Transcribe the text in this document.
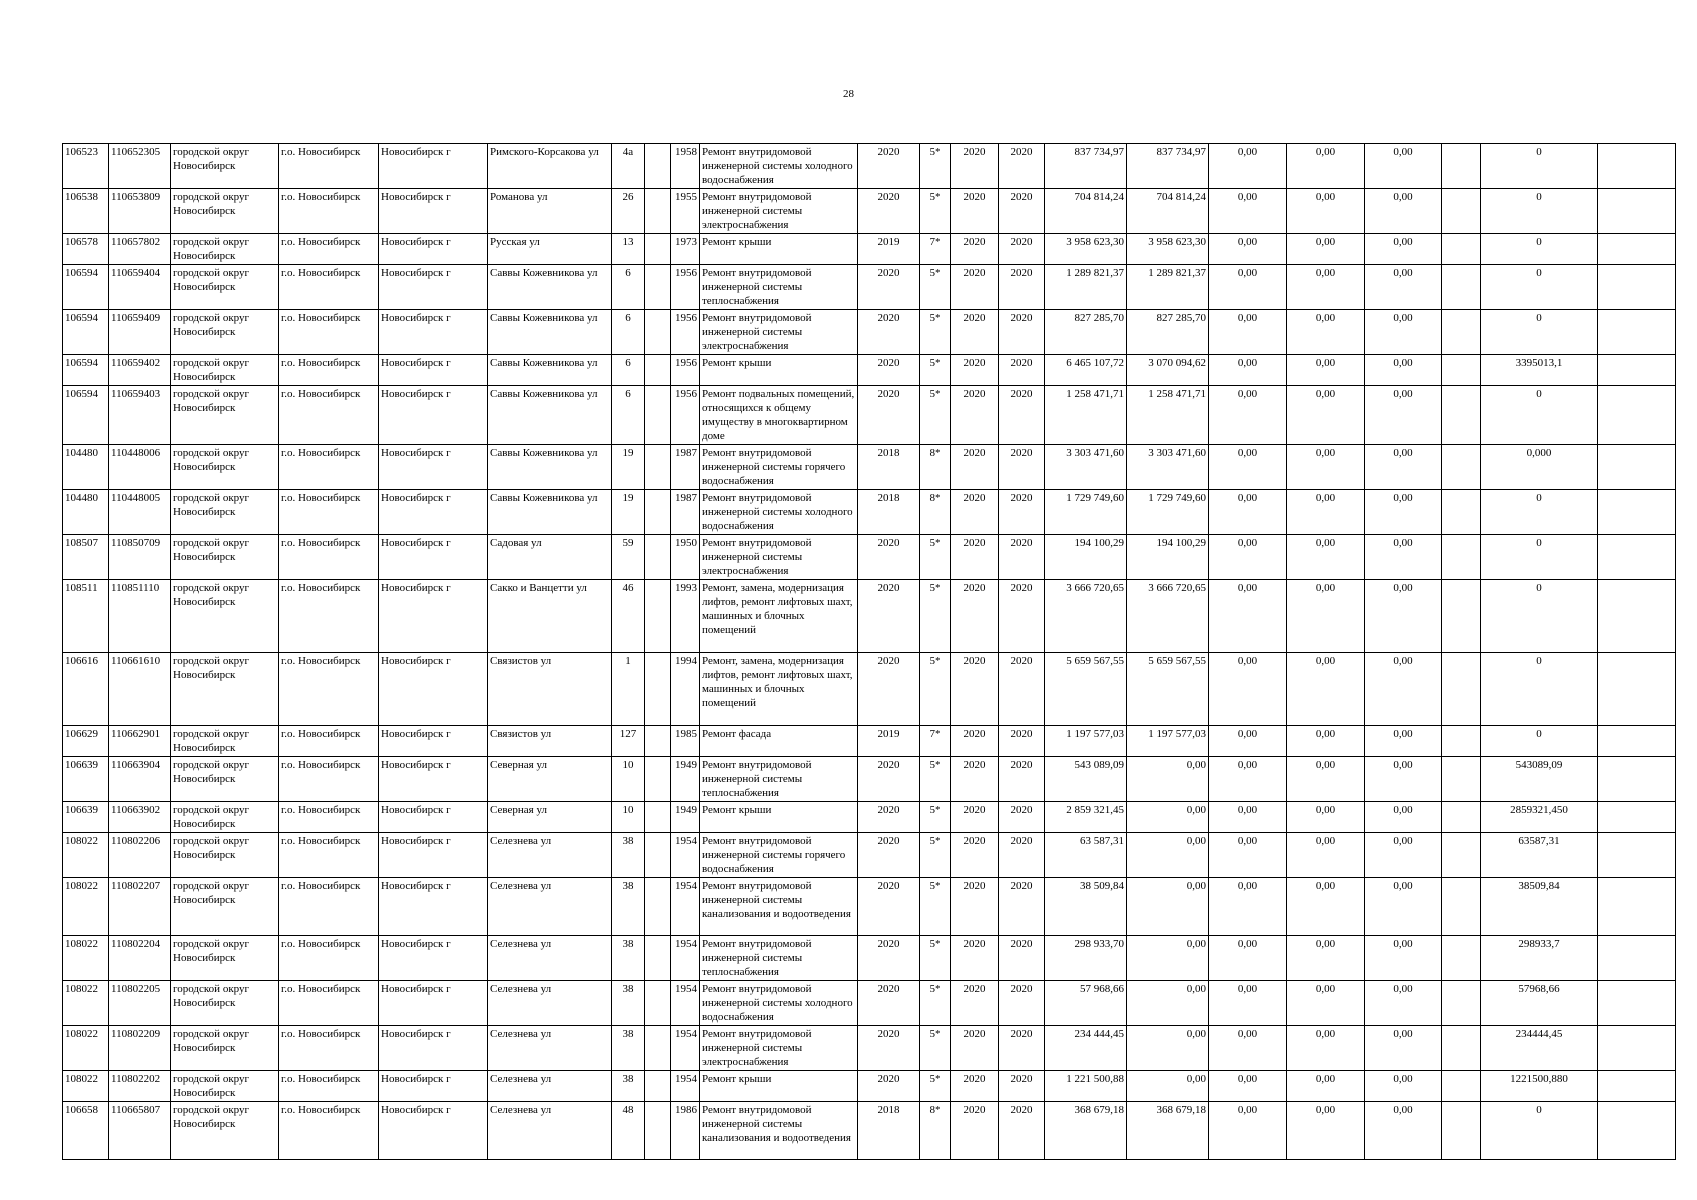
28
106523	110652305	городской округ Новосибирск	г.о. Новосибирск	Новосибирск г	Римского-Корсакова ул	4а		1958	Ремонт внутридомовой инженерной системы холодного водоснабжения	2020	5*	2020	2020	837 734,97	837 734,97	0,00	0,00	0,00		0	
106538	110653809	городской округ Новосибирск	г.о. Новосибирск	Новосибирск г	Романова ул	26		1955	Ремонт внутридомовой инженерной системы электроснабжения	2020	5*	2020	2020	704 814,24	704 814,24	0,00	0,00	0,00		0	
106578	110657802	городской округ Новосибирск	г.о. Новосибирск	Новосибирск г	Русская ул	13		1973	Ремонт крыши	2019	7*	2020	2020	3 958 623,30	3 958 623,30	0,00	0,00	0,00		0	
106594	110659404	городской округ Новосибирск	г.о. Новосибирск	Новосибирск г	Саввы Кожевникова ул	6		1956	Ремонт внутридомовой инженерной системы теплоснабжения	2020	5*	2020	2020	1 289 821,37	1 289 821,37	0,00	0,00	0,00		0	
106594	110659409	городской округ Новосибирск	г.о. Новосибирск	Новосибирск г	Саввы Кожевникова ул	6		1956	Ремонт внутридомовой инженерной системы электроснабжения	2020	5*	2020	2020	827 285,70	827 285,70	0,00	0,00	0,00		0	
106594	110659402	городской округ Новосибирск	г.о. Новосибирск	Новосибирск г	Саввы Кожевникова ул	6		1956	Ремонт крыши	2020	5*	2020	2020	6 465 107,72	3 070 094,62	0,00	0,00	0,00		3395013,1	
106594	110659403	городской округ Новосибирск	г.о. Новосибирск	Новосибирск г	Саввы Кожевникова ул	6		1956	Ремонт подвальных помещений, относящихся к общему имуществу в многоквартирном доме	2020	5*	2020	2020	1 258 471,71	1 258 471,71	0,00	0,00	0,00		0	
104480	110448006	городской округ Новосибирск	г.о. Новосибирск	Новосибирск г	Саввы Кожевникова ул	19		1987	Ремонт внутридомовой инженерной системы горячего водоснабжения	2018	8*	2020	2020	3 303 471,60	3 303 471,60	0,00	0,00	0,00		0,000	
104480	110448005	городской округ Новосибирск	г.о. Новосибирск	Новосибирск г	Саввы Кожевникова ул	19		1987	Ремонт внутридомовой инженерной системы холодного водоснабжения	2018	8*	2020	2020	1 729 749,60	1 729 749,60	0,00	0,00	0,00		0	
108507	110850709	городской округ Новосибирск	г.о. Новосибирск	Новосибирск г	Садовая ул	59		1950	Ремонт внутридомовой инженерной системы электроснабжения	2020	5*	2020	2020	194 100,29	194 100,29	0,00	0,00	0,00		0	
108511	110851110	городской округ Новосибирск	г.о. Новосибирск	Новосибирск г	Сакко и Ванцетти ул	46		1993	Ремонт, замена, модернизация лифтов, ремонт лифтовых шахт, машинных и блочных помещений	2020	5*	2020	2020	3 666 720,65	3 666 720,65	0,00	0,00	0,00		0	
106616	110661610	городской округ Новосибирск	г.о. Новосибирск	Новосибирск г	Связистов ул	1		1994	Ремонт, замена, модернизация лифтов, ремонт лифтовых шахт, машинных и блочных помещений	2020	5*	2020	2020	5 659 567,55	5 659 567,55	0,00	0,00	0,00		0	
106629	110662901	городской округ Новосибирск	г.о. Новосибирск	Новосибирск г	Связистов ул	127		1985	Ремонт фасада	2019	7*	2020	2020	1 197 577,03	1 197 577,03	0,00	0,00	0,00		0	
106639	110663904	городской округ Новосибирск	г.о. Новосибирск	Новосибирск г	Северная ул	10		1949	Ремонт внутридомовой инженерной системы теплоснабжения	2020	5*	2020	2020	543 089,09	0,00	0,00	0,00	0,00		543089,09	
106639	110663902	городской округ Новосибирск	г.о. Новосибирск	Новосибирск г	Северная ул	10		1949	Ремонт крыши	2020	5*	2020	2020	2 859 321,45	0,00	0,00	0,00	0,00		2859321,450	
108022	110802206	городской округ Новосибирск	г.о. Новосибирск	Новосибирск г	Селезнева ул	38		1954	Ремонт внутридомовой инженерной системы горячего водоснабжения	2020	5*	2020	2020	63 587,31	0,00	0,00	0,00	0,00		63587,31	
108022	110802207	городской округ Новосибирск	г.о. Новосибирск	Новосибирск г	Селезнева ул	38		1954	Ремонт внутридомовой инженерной системы канализования и водоотведения	2020	5*	2020	2020	38 509,84	0,00	0,00	0,00	0,00		38509,84	
108022	110802204	городской округ Новосибирск	г.о. Новосибирск	Новосибирск г	Селезнева ул	38		1954	Ремонт внутридомовой инженерной системы теплоснабжения	2020	5*	2020	2020	298 933,70	0,00	0,00	0,00	0,00		298933,7	
108022	110802205	городской округ Новосибирск	г.о. Новосибирск	Новосибирск г	Селезнева ул	38		1954	Ремонт внутридомовой инженерной системы холодного водоснабжения	2020	5*	2020	2020	57 968,66	0,00	0,00	0,00	0,00		57968,66	
108022	110802209	городской округ Новосибирск	г.о. Новосибирск	Новосибирск г	Селезнева ул	38		1954	Ремонт внутридомовой инженерной системы электроснабжения	2020	5*	2020	2020	234 444,45	0,00	0,00	0,00	0,00		234444,45	
108022	110802202	городской округ Новосибирск	г.о. Новосибирск	Новосибирск г	Селезнева ул	38		1954	Ремонт крыши	2020	5*	2020	2020	1 221 500,88	0,00	0,00	0,00	0,00		1221500,880	
106658	110665807	городской округ Новосибирск	г.о. Новосибирск	Новосибирск г	Селезнева ул	48		1986	Ремонт внутридомовой инженерной системы канализования и водоотведения	2018	8*	2020	2020	368 679,18	368 679,18	0,00	0,00	0,00		0	
